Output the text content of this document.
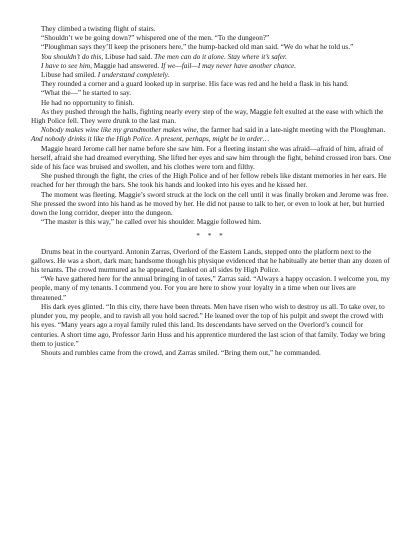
They climbed a twisting flight of stairs.

“Shouldn’t we be going down?” whispered one of the men. “To the dungeon?”

“Ploughman says they’ll keep the prisoners here,” the hump-backed old man said. “We do what he told us.”

You shouldn’t do this, Libuse had said. The men can do it alone. Stay where it’s safer.

I have to see him, Maggie had answered. If we—fail—I may never have another chance.

Libuse had smiled. I understand completely.

They rounded a corner and a guard looked up in surprise. His face was red and he held a flask in his hand.

“What the—” he started to say.

He had no opportunity to finish.

As they pushed through the halls, fighting nearly every step of the way, Maggie felt exulted at the ease with which the High Police fell. They were drunk to the last man.

Nobody makes wine like my grandmother makes wine, the farmer had said in a late-night meeting with the Ploughman. And nobody drinks it like the High Police. A present, perhaps, might be in order…

Maggie heard Jerome call her name before she saw him. For a fleeting instant she was afraid—afraid of him, afraid of herself, afraid she had dreamed everything. She lifted her eyes and saw him through the fight, behind crossed iron bars. One side of his face was bruised and swollen, and his clothes were torn and filthy.

She pushed through the fight, the cries of the High Police and of her fellow rebels like distant memories in her ears. He reached for her through the bars. She took his hands and looked into his eyes and he kissed her.

The moment was fleeting. Maggie’s sword struck at the lock on the cell until it was finally broken and Jerome was free. She pressed the sword into his hand as he moved by her. He did not pause to talk to her, or even to look at her, but hurried down the long corridor, deeper into the dungeon.

“The master is this way,” he called over his shoulder. Maggie followed him.

* * *

Drums beat in the courtyard. Antonin Zarras, Overlord of the Eastern Lands, stepped onto the platform next to the gallows. He was a short, dark man; handsome though his physique evidenced that he habitually ate better than any dozen of his tenants. The crowd murmured as he appeared, flanked on all sides by High Police.

“We have gathered here for the annual bringing in of taxes,” Zarras said. “Always a happy occasion. I welcome you, my people, many of my tenants. I commend you. For you are here to show your loyalty in a time when our lives are threatened.”

His dark eyes glinted. “In this city, there have been threats. Men have risen who wish to destroy us all. To take over, to plunder you, my people, and to ravish all you hold sacred.” He leaned over the top of his pulpit and swept the crowd with his eyes. “Many years ago a royal family ruled this land. Its descendants have served on the Overlord’s council for centuries. A short time ago, Professor Jarin Huss and his apprentice murdered the last scion of that family. Today we bring them to justice.”

Shouts and rumbles came from the crowd, and Zarras smiled. “Bring them out,” he commanded.
